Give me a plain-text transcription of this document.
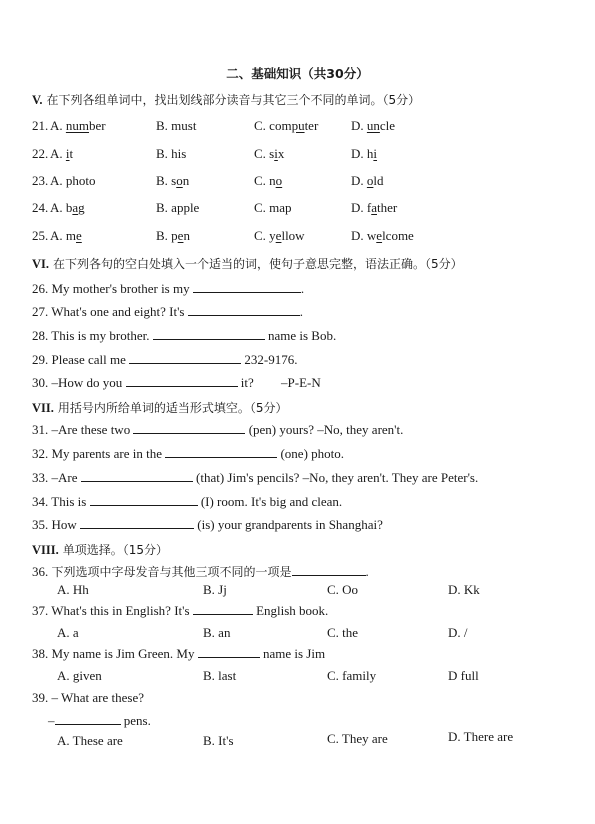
二、基础知识（共30分）
V. 在下列各组单词中，找出划线部分读音与其它三个不同的单词。（5分）
21. A. number	B. must	C. computer	D. uncle
22. A. it	B. his	C. six	D. hi
23. A. photo	B. son	C. no	D. old
24. A. bag	B. apple	C. map	D. father
25. A. me	B. pen	C. yellow	D. welcome
VI. 在下列各句的空白处填入一个适当的词，使句子意思完整，语法正确。（5分）
26. My mother's brother is my	.
27. What's one and eight? It's	.
28. This is my brother.	name is Bob.
29. Please call me	232-9176.
30. –How do you	it? –P-E-N
VII. 用括号内所给单词的适当形式填空。（5分）
31. –Are these two	(pen) yours? –No, they aren't.
32. My parents are in the	(one) photo.
33. –Are	(that) Jim's pencils? –No, they aren't. They are Peter's.
34. This is	(I) room. It's big and clean.
35. How	(is) your grandparents in Shanghai?
VIII. 单项选择。（15分）
36. 下列选项中字母发音与其他三项不同的一项是	.
A. Hh	B. Jj	C. Oo	D. Kk
37. What's this in English? It's	English book.
A. a	B. an	C. the	D. /
38. My name is Jim Green. My	name is Jim
A. given	B. last	C. family	D full
39. – What are these?
–	pens.
A. These are	B. It's	C. They are	D. There are
